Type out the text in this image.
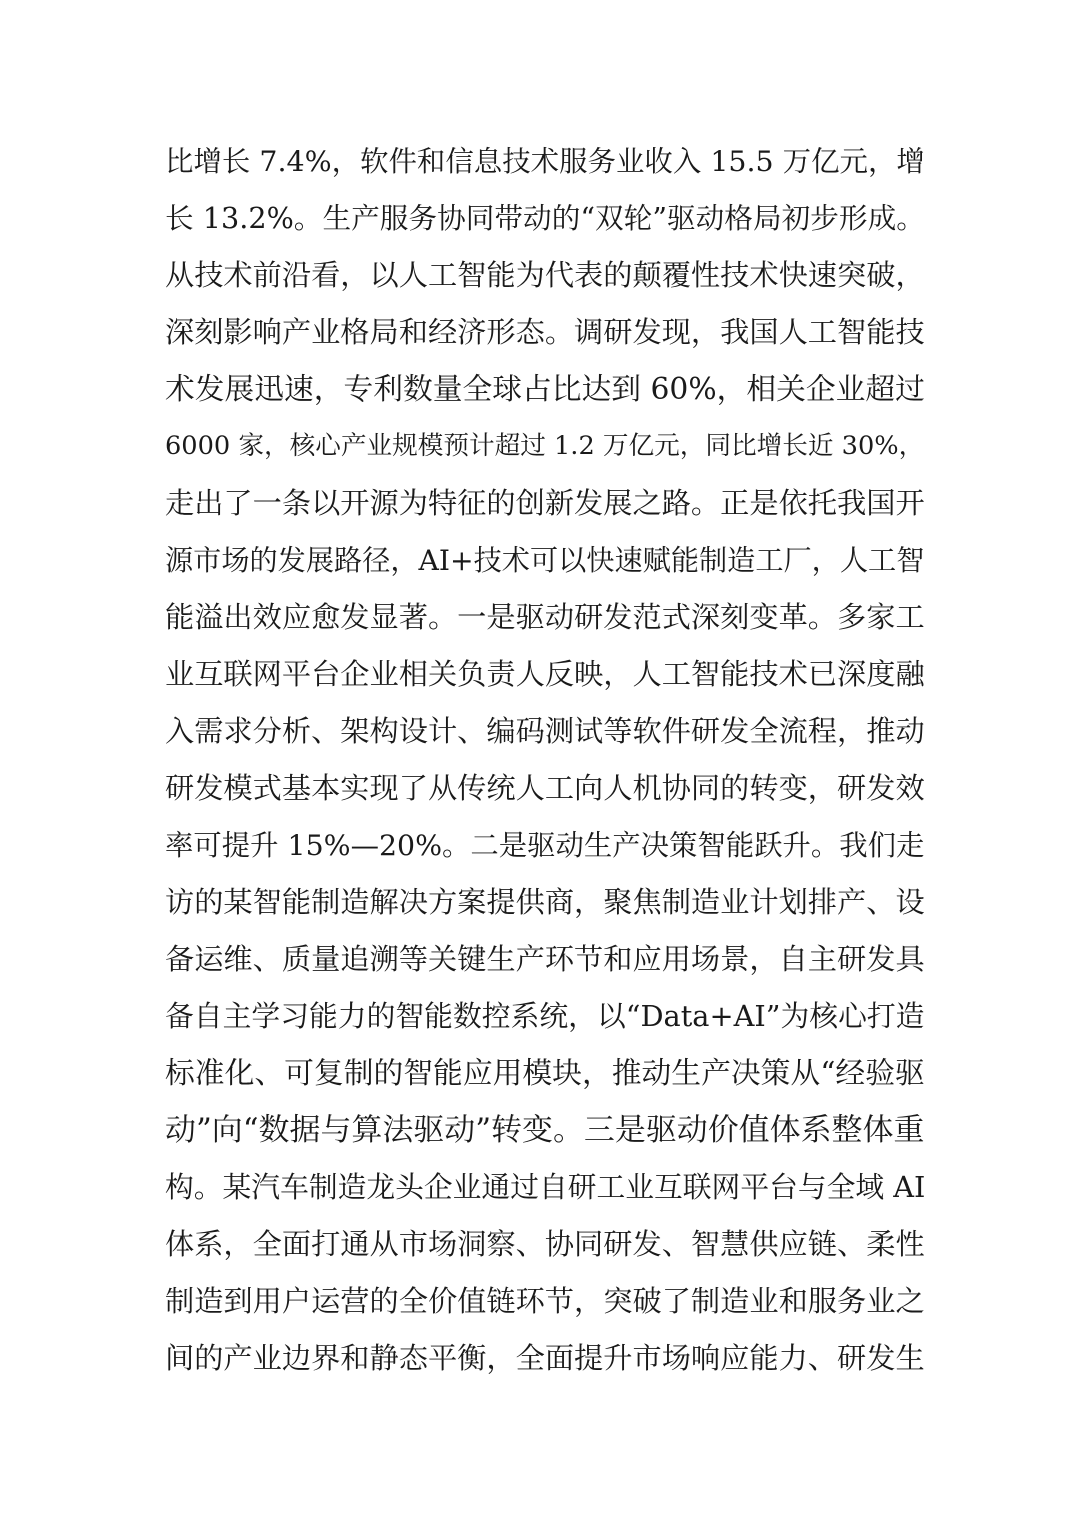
比增长 7.4%，软件和信息技术服务业收入 15.5 万亿元，增
长 13.2%。生产服务协同带动的“双轮”驱动格局初步形成。
从技术前沿看，以人工智能为代表的颠覆性技术快速突破，
深刻影响产业格局和经济形态。调研发现，我国人工智能技
术发展迅速，专利数量全球占比达到 60%，相关企业超过
6000 家，核心产业规模预计超过 1.2 万亿元，同比增长近 30%，
走出了一条以开源为特征的创新发展之路。正是依托我国开
源市场的发展路径，AI+技术可以快速赋能制造工厂，人工智
能溢出效应愈发显著。一是驱动研发范式深刻变革。多家工
业互联网平台企业相关负责人反映，人工智能技术已深度融
入需求分析、架构设计、编码测试等软件研发全流程，推动
研发模式基本实现了从传统人工向人机协同的转变，研发效
率可提升 15%—20%。二是驱动生产决策智能跃升。我们走
访的某智能制造解决方案提供商，聚焦制造业计划排产、设
备运维、质量追溯等关键生产环节和应用场景，自主研发具
备自主学习能力的智能数控系统，以“Data+AI”为核心打造
标准化、可复制的智能应用模块，推动生产决策从“经验驱
动”向“数据与算法驱动”转变。三是驱动价值体系整体重
构。某汽车制造龙头企业通过自研工业互联网平台与全域 AI
体系，全面打通从市场洞察、协同研发、智慧供应链、柔性
制造到用户运营的全价值链环节，突破了制造业和服务业之
间的产业边界和静态平衡，全面提升市场响应能力、研发生
